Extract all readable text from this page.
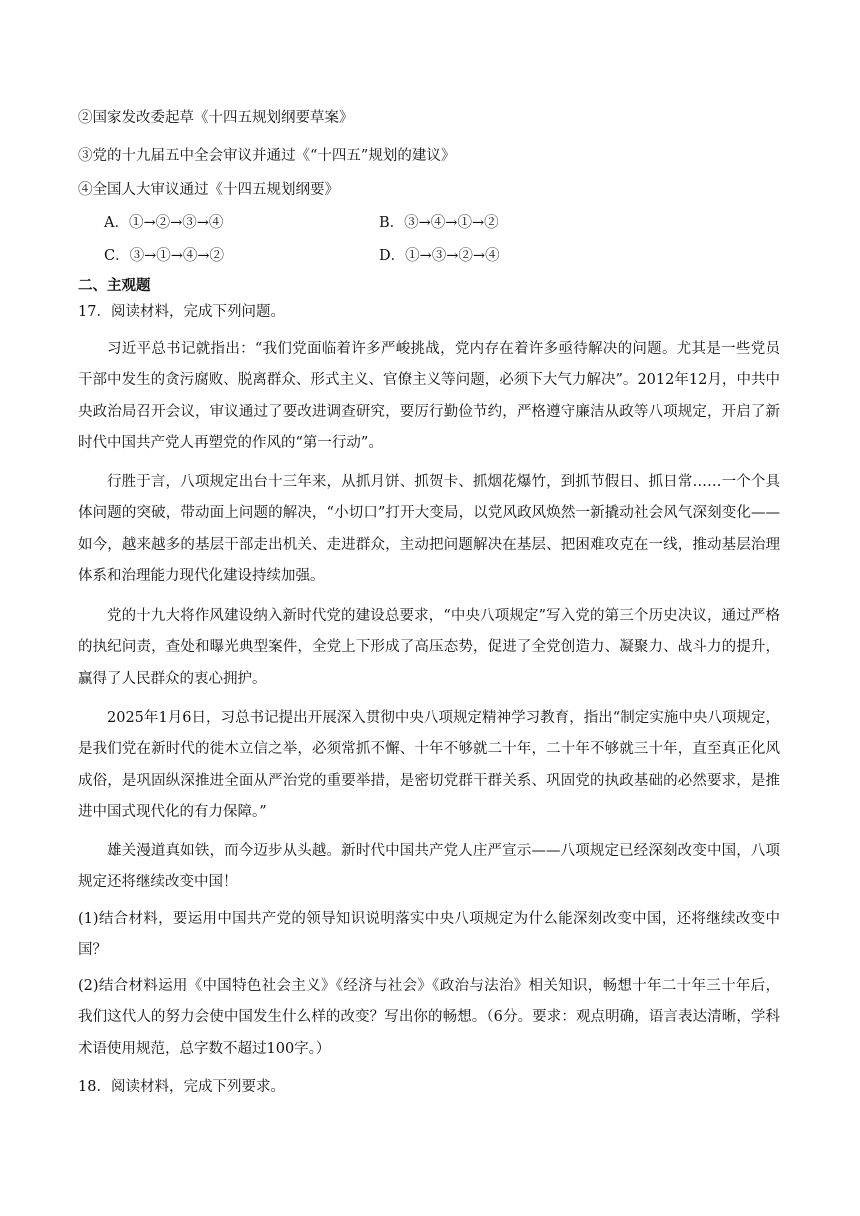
②国家发改委起草《十四五规划纲要草案》
③党的十九届五中全会审议并通过《“十四五”规划的建议》
④全国人大审议通过《十四五规划纲要》
A．①→②→③→④	B．③→④→①→②
C．③→①→④→②	D．①→③→②→④
二、主观题
17．阅读材料，完成下列问题。
习近平总书记就指出：“我们党面临着许多严峻挑战，党内存在着许多亟待解决的问题。尤其是一些党员干部中发生的贪污腐败、脱离群众、形式主义、官僚主义等问题，必须下大气力解决”。2012年12月，中共中央政治局召开会议，审议通过了要改进调查研究，要厉行勤俭节约，严格遵守廉洁从政等八项规定，开启了新时代中国共产党人再塑党的作风的“第一行动”。
行胜于言，八项规定出台十三年来，从抓月饼、抓贺卡、抓烟花爆竹，到抓节假日、抓日常……一个个具体问题的突破，带动面上问题的解决，“小切口”打开大变局，以党风政风焕然一新撬动社会风气深刻变化——如今，越来越多的基层干部走出机关、走进群众，主动把问题解决在基层、把困难攻克在一线，推动基层治理体系和治理能力现代化建设持续加强。
党的十九大将作风建设纳入新时代党的建设总要求，“中央八项规定”写入党的第三个历史决议，通过严格的执纪问责，查处和曝光典型案件，全党上下形成了高压态势，促进了全党创造力、凝聚力、战斗力的提升，赢得了人民群众的衷心拥护。
2025年1月6日，习总书记提出开展深入贯彻中央八项规定精神学习教育，指出“制定实施中央八项规定，是我们党在新时代的徙木立信之举，必须常抓不懈、十年不够就二十年，二十年不够就三十年，直至真正化风成俗，是巩固纵深推进全面从严治党的重要举措，是密切党群干群关系、巩固党的执政基础的必然要求，是推进中国式现代化的有力保障。”
雄关漫道真如铁，而今迈步从头越。新时代中国共产党人庄严宣示——八项规定已经深刻改变中国，八项规定还将继续改变中国！
(1)结合材料，要运用中国共产党的领导知识说明落实中央八项规定为什么能深刻改变中国，还将继续改变中国？
(2)结合材料运用《中国特色社会主义》《经济与社会》《政治与法治》相关知识，畅想十年二十年三十年后，我们这代人的努力会使中国发生什么样的改变？写出你的畅想。（6分。要求：观点明确，语言表达清晰，学科术语使用规范，总字数不超过100字。）
18．阅读材料，完成下列要求。
